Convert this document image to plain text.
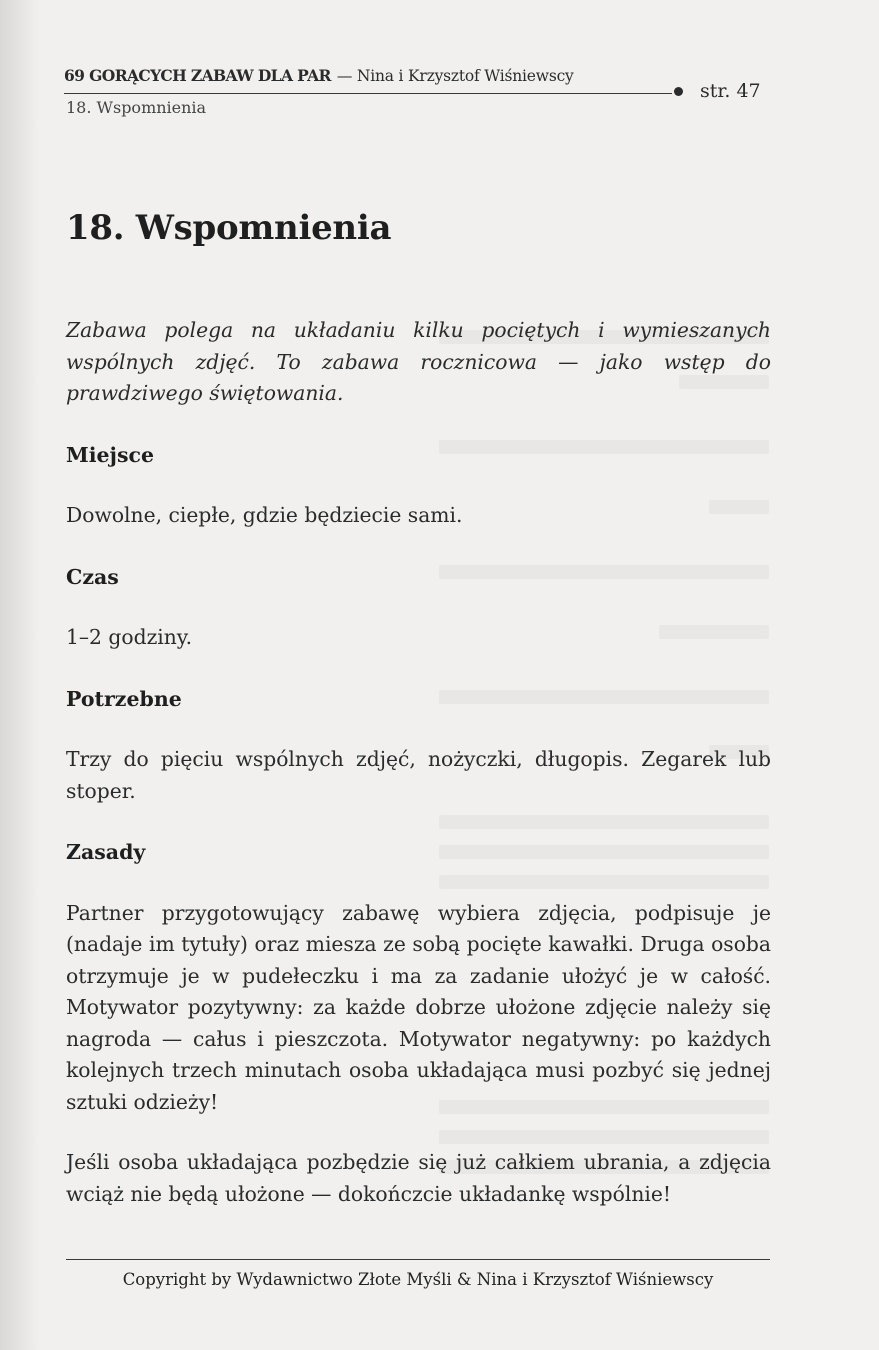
69 GORĄCYCH ZABAW DLA PAR — Nina i Krzysztof Wiśniewscy
str. 47
18. Wspomnienia
18. Wspomnienia

Zabawa polega na układaniu kilku pociętych i wymieszanych wspólnych zdjęć. To zabawa rocznicowa — jako wstęp do prawdziwego świętowania.

Miejsce

Dowolne, ciepłe, gdzie będziecie sami.

Czas

1–2 godziny.

Potrzebne

Trzy do pięciu wspólnych zdjęć, nożyczki, długopis. Zegarek lub stoper.

Zasady

Partner przygotowujący zabawę wybiera zdjęcia, podpisuje je (nadaje im tytuły) oraz miesza ze sobą pocięte kawałki. Druga osoba otrzymuje je w pudełeczku i ma za zadanie ułożyć je w całość. Motywator pozytywny: za każde dobrze ułożone zdjęcie należy się nagroda — całus i pieszczota. Motywator negatywny: po każdych kolejnych trzech minutach osoba układająca musi pozbyć się jednej sztuki odzieży!

Jeśli osoba układająca pozbędzie się już całkiem ubrania, a zdjęcia wciąż nie będą ułożone — dokończcie układankę wspólnie!

Copyright by Wydawnictwo Złote Myśli & Nina i Krzysztof Wiśniewscy
